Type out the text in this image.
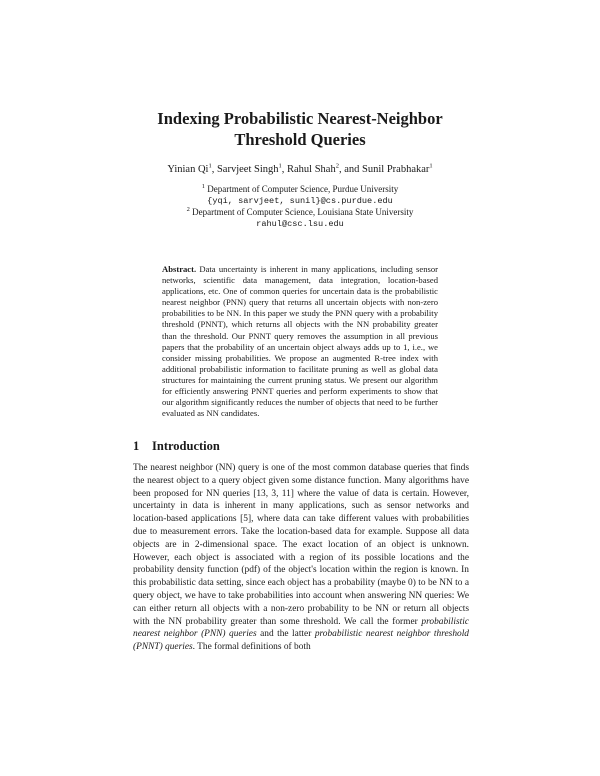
Indexing Probabilistic Nearest-Neighbor
Threshold Queries
Yinian Qi$^1$, Sarvjeet Singh$^1$, Rahul Shah$^2$, and Sunil Prabhakar$^1$
$^1$ Department of Computer Science, Purdue University
{yqi, sarvjeet, sunil}@cs.purdue.edu
$^2$ Department of Computer Science, Louisiana State University
rahul@csc.lsu.edu
Abstract. Data uncertainty is inherent in many applications, including sensor networks, scientific data management, data integration, location-based applications, etc. One of common queries for uncertain data is the probabilistic nearest neighbor (PNN) query that returns all uncertain objects with non-zero probabilities to be NN. In this paper we study the PNN query with a probability threshold (PNNT), which returns all objects with the NN probability greater than the threshold. Our PNNT query removes the assumption in all previous papers that the probability of an uncertain object always adds up to 1, i.e., we consider missing probabilities. We propose an augmented R-tree index with additional probabilistic information to facilitate pruning as well as global data structures for maintaining the current pruning status. We present our algorithm for efficiently answering PNNT queries and perform experiments to show that our algorithm significantly reduces the number of objects that need to be further evaluated as NN candidates.
1 Introduction
The nearest neighbor (NN) query is one of the most common database queries that finds the nearest object to a query object given some distance function. Many algorithms have been proposed for NN queries [13, 3, 11] where the value of data is certain. However, uncertainty in data is inherent in many applications, such as sensor networks and location-based applications [5], where data can take different values with probabilities due to measurement errors. Take the location-based data for example. Suppose all data objects are in 2-dimensional space. The exact location of an object is unknown. However, each object is associated with a region of its possible locations and the probability density function (pdf) of the object's location within the region is known. In this probabilistic data setting, since each object has a probability (maybe 0) to be NN to a query object, we have to take probabilities into account when answering NN queries: We can either return all objects with a non-zero probability to be NN or return all objects with the NN probability greater than some threshold. We call the former probabilistic nearest neighbor (PNN) queries and the latter probabilistic nearest neighbor threshold (PNNT) queries. The formal definitions of both
